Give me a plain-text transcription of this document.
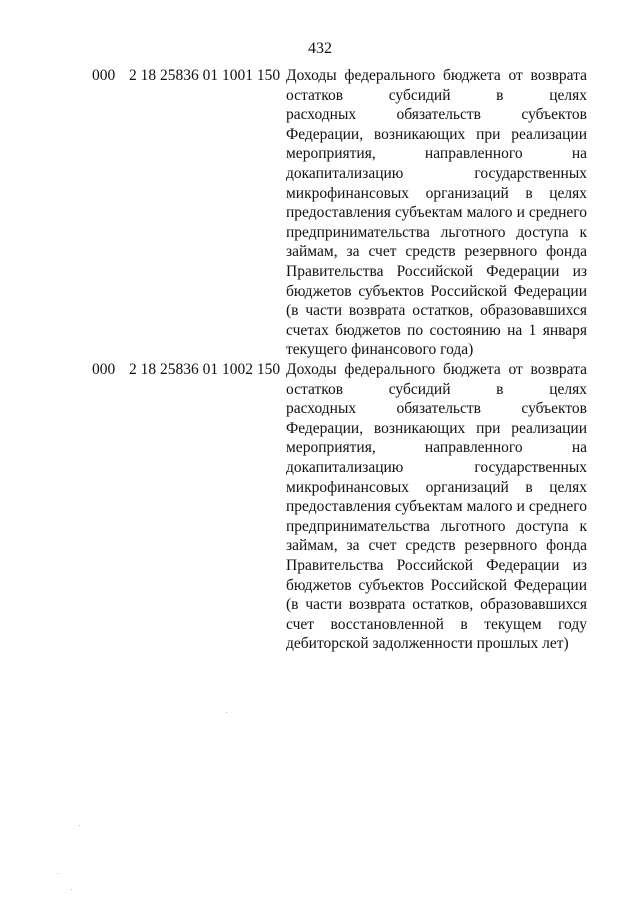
432
000 2 18 25836 01 1001 150 Доходы федерального бюджета от возврата
остатков субсидий в целях
расходных обязательств субъектов
Федерации, возникающих при реализации
мероприятия, направленного на
докапитализацию государственных
микрофинансовых организаций в целях
предоставления субъектам малого и среднего
предпринимательства льготного доступа к
займам, за счет средств резервного фонда
Правительства Российской Федерации из
бюджетов субъектов Российской Федерации
(в части возврата остатков, образовавшихся
счетах бюджетов по состоянию на 1 января
текущего финансового года)
000 2 18 25836 01 1002 150 Доходы федерального бюджета от возврата
остатков субсидий в целях
расходных обязательств субъектов
Федерации, возникающих при реализации
мероприятия, направленного на
докапитализацию государственных
микрофинансовых организаций в целях
предоставления субъектам малого и среднего
предпринимательства льготного доступа к
займам, за счет средств резервного фонда
Правительства Российской Федерации из
бюджетов субъектов Российской Федерации
(в части возврата остатков, образовавшихся
счет восстановленной в текущем году
дебиторской задолженности прошлых лет)
